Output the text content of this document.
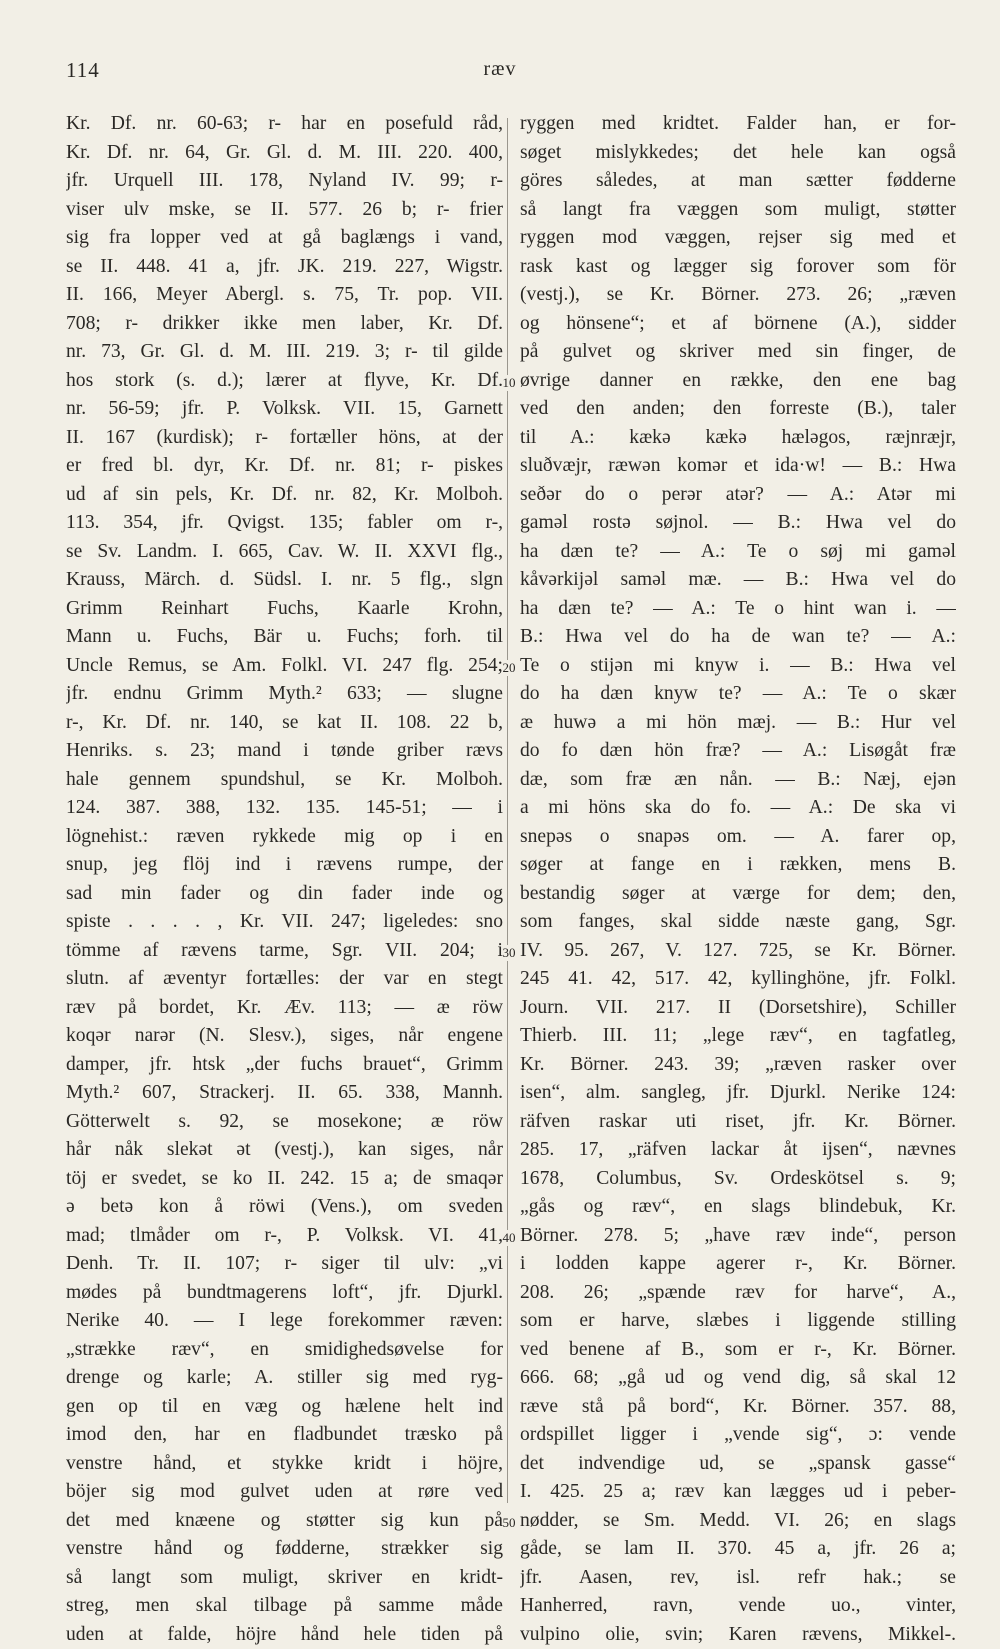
114	ræv
10
20
30
40
50
Kr. Df. nr. 60-63; r- har en posefuld råd,
Kr. Df. nr. 64, Gr. Gl. d. M. III. 220. 400,
jfr. Urquell III. 178, Nyland IV. 99; r-
viser ulv mske, se II. 577. 26 b; r- frier
sig fra lopper ved at gå baglængs i vand,
se II. 448. 41 a, jfr. JK. 219. 227, Wigstr.
II. 166, Meyer Abergl. s. 75, Tr. pop. VII.
708; r- drikker ikke men laber, Kr. Df.
nr. 73, Gr. Gl. d. M. III. 219. 3; r- til gilde
hos stork (s. d.); lærer at flyve, Kr. Df.
nr. 56-59; jfr. P. Volksk. VII. 15, Garnett
II. 167 (kurdisk); r- fortæller höns, at der
er fred bl. dyr, Kr. Df. nr. 81; r- piskes
ud af sin pels, Kr. Df. nr. 82, Kr. Molboh.
113. 354, jfr. Qvigst. 135; fabler om r-,
se Sv. Landm. I. 665, Cav. W. II. XXVI flg.,
Krauss, Märch. d. Südsl. I. nr. 5 flg., slgn
Grimm Reinhart Fuchs, Kaarle Krohn,
Mann u. Fuchs, Bär u. Fuchs; forh. til
Uncle Remus, se Am. Folkl. VI. 247 flg. 254;
jfr. endnu Grimm Myth.² 633; — slugne
r-, Kr. Df. nr. 140, se kat II. 108. 22 b,
Henriks. s. 23; mand i tønde griber rævs
hale gennem spundshul, se Kr. Molboh.
124. 387. 388, 132. 135. 145-51; — i
lögnehist.: ræven rykkede mig op i en
snup, jeg flöj ind i rævens rumpe, der
sad min fader og din fader inde og
spiste . . . . , Kr. VII. 247; ligeledes: sno
tömme af rævens tarme, Sgr. VII. 204; i
slutn. af æventyr fortælles: der var en stegt
ræv på bordet, Kr. Æv. 113; — æ röw
koqər narər (N. Slesv.), siges, når engene
damper, jfr. htsk „der fuchs brauet“, Grimm
Myth.² 607, Strackerj. II. 65. 338, Mannh.
Götterwelt s. 92, se mosekone; æ röw
hår nåk slekət ət (vestj.), kan siges, når
töj er svedet, se ko II. 242. 15 a; de smaqər
ə betə kon å röwi (Vens.), om sveden
mad; tlmåder om r-, P. Volksk. VI. 41,
Denh. Tr. II. 107; r- siger til ulv: „vi
mødes på bundtmagerens loft“, jfr. Djurkl.
Nerike 40. — I lege forekommer ræven:
„strække ræv“, en smidighedsøvelse for
drenge og karle; A. stiller sig med ryg-
gen op til en væg og hælene helt ind
imod den, har en fladbundet træsko på
venstre hånd, et stykke kridt i höjre,
böjer sig mod gulvet uden at røre ved
det med knæene og støtter sig kun på
venstre hånd og fødderne, strækker sig
så langt som muligt, skriver en kridt-
streg, men skal tilbage på samme måde
uden at falde, höjre hånd hele tiden på
ryggen med kridtet. Falder han, er for-
søget mislykkedes; det hele kan også
göres således, at man sætter fødderne
så langt fra væggen som muligt, støtter
ryggen mod væggen, rejser sig med et
rask kast og lægger sig forover som för
(vestj.), se Kr. Börner. 273. 26; „ræven
og hönsene“; et af börnene (A.), sidder
på gulvet og skriver med sin finger, de
øvrige danner en række, den ene bag
ved den anden; den forreste (B.), taler
til A.: kækə kækə hæləgos, ræjnræjr,
sluðvæjr, ræwən komər et ida·w! — B.: Hwa
seðər do o perər atər? — A.: Atər mi
gaməl rostə søjnol. — B.: Hwa vel do
ha dæn te? — A.: Te o søj mi gaməl
kåvərkijəl saməl mæ. — B.: Hwa vel do
ha dæn te? — A.: Te o hint wan i. —
B.: Hwa vel do ha de wan te? — A.:
Te o stijən mi knyw i. — B.: Hwa vel
do ha dæn knyw te? — A.: Te o skær
æ huwə a mi hön mæj. — B.: Hur vel
do fo dæn hön fræ? — A.: Lisøgåt fræ
dæ, som fræ æn nån. — B.: Næj, ejən
a mi höns ska do fo. — A.: De ska vi
snepəs o snapəs om. — A. farer op,
søger at fange en i rækken, mens B.
bestandig søger at værge for dem; den,
som fanges, skal sidde næste gang, Sgr.
IV. 95. 267, V. 127. 725, se Kr. Börner.
245 41. 42, 517. 42, kyllinghöne, jfr. Folkl.
Journ. VII. 217. II (Dorsetshire), Schiller
Thierb. III. 11; „lege ræv“, en tagfatleg,
Kr. Börner. 243. 39; „ræven rasker over
isen“, alm. sangleg, jfr. Djurkl. Nerike 124:
räfven raskar uti riset, jfr. Kr. Börner.
285. 17, „räfven lackar åt ijsen“, nævnes
1678, Columbus, Sv. Ordeskötsel s. 9;
„gås og ræv“, en slags blindebuk, Kr.
Börner. 278. 5; „have ræv inde“, person
i lodden kappe agerer r-, Kr. Börner.
208. 26; „spænde ræv for harve“, A.,
som er harve, slæbes i liggende stilling
ved benene af B., som er r-, Kr. Börner.
666. 68; „gå ud og vend dig, så skal 12
ræve stå på bord“, Kr. Börner. 357. 88,
ordspillet ligger i „vende sig“, ɔ: vende
det indvendige ud, se „spansk gasse“
I. 425. 25 a; ræv kan lægges ud i peber-
nødder, se Sm. Medd. VI. 26; en slags
gåde, se lam II. 370. 45 a, jfr. 26 a;
jfr. Aasen, rev, isl. refr hak.; se
Hanherred, ravn, vende uo., vinter,
vulpino olie, svin; Karen rævens, Mikkel-.
